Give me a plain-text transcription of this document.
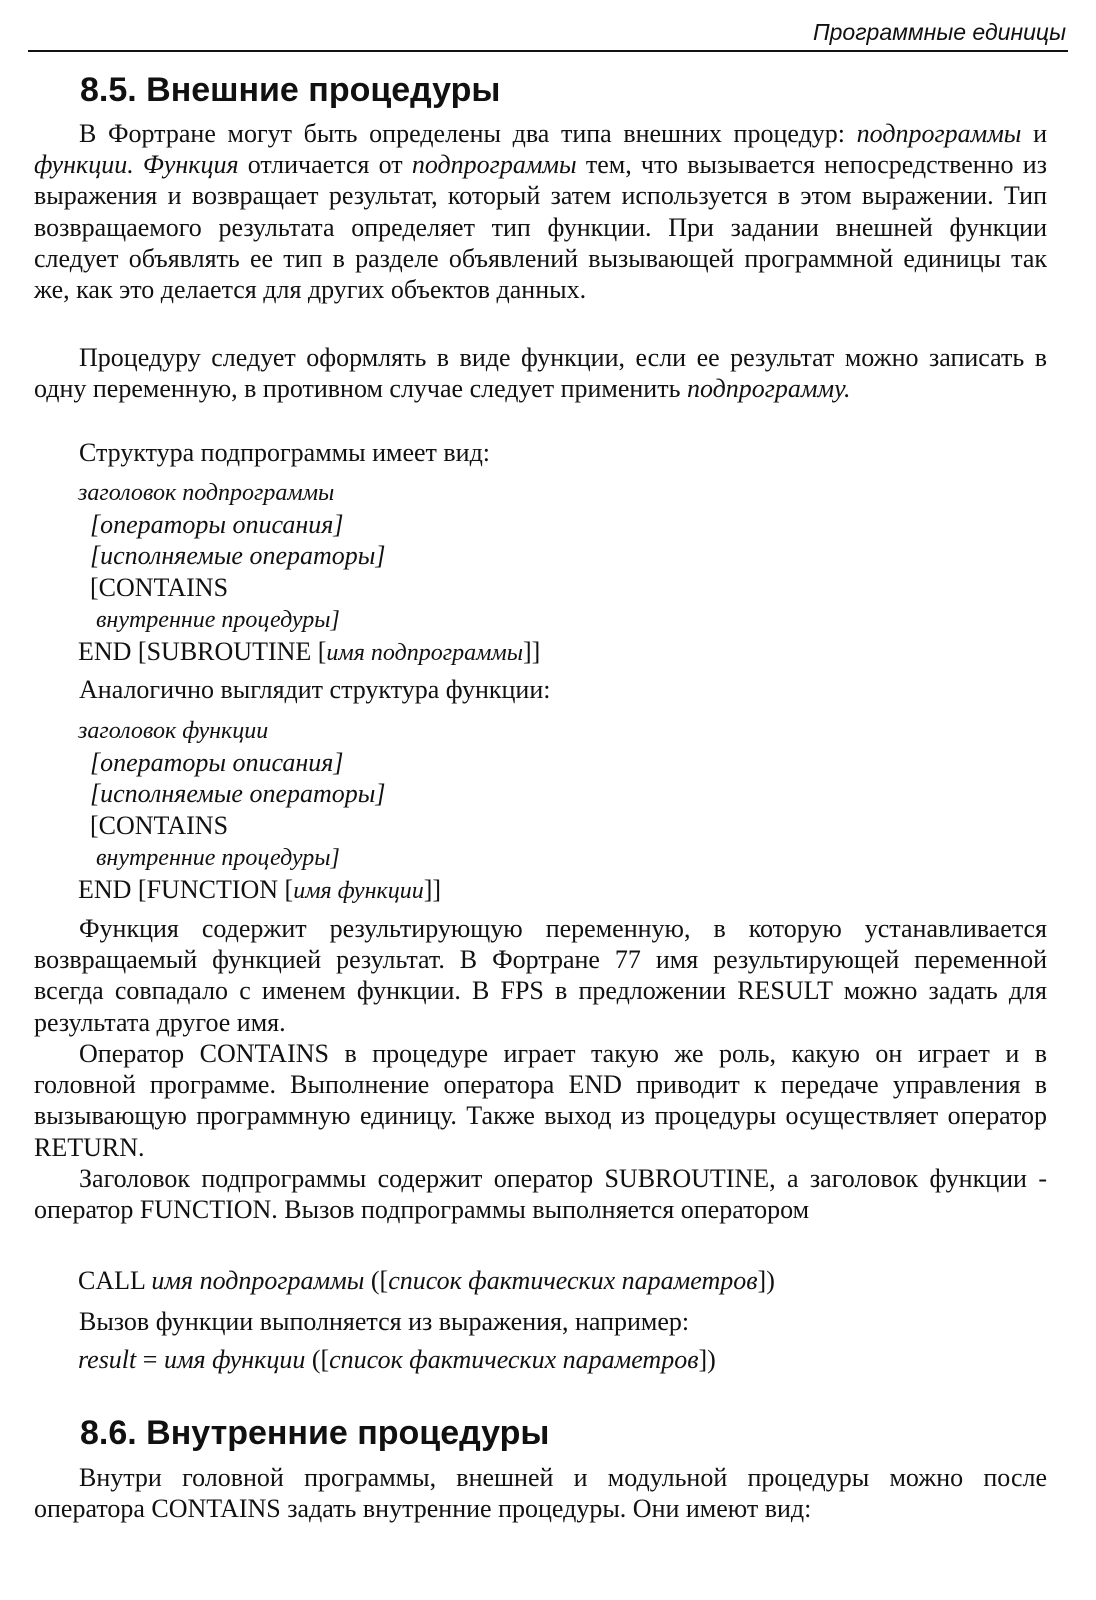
Программные единицы
8.5. Внешние процедуры

В Фортране могут быть определены два типа внешних процедур: подпрограммы и функции. Функция отличается от подпрограммы тем, что вызывается непосредственно из выражения и возвращает результат, который затем используется в этом выражении. Тип возвращаемого результата определяет тип функции. При задании внешней функции следует объявлять ее тип в разделе объявлений вызывающей программной единицы так же, как это делается для других объектов данных.

Процедуру следует оформлять в виде функции, если ее результат можно записать в одну переменную, в противном случае следует применить подпрограмму.

Структура подпрограммы имеет вид:

заголовок подпрограммы
[операторы описания]
[исполняемые операторы]
[CONTAINS
внутренние процедуры]
END [SUBROUTINE [имя подпрограммы]]

Аналогично выглядит структура функции:

заголовок функции
[операторы описания]
[исполняемые операторы]
[CONTAINS
внутренние процедуры]
END [FUNCTION [имя функции]]

Функция содержит результирующую переменную, в которую устанавливается возвращаемый функцией результат. В Фортране 77 имя результирующей переменной всегда совпадало с именем функции. В FPS в предложении RESULT можно задать для результата другое имя.

Оператор CONTAINS в процедуре играет такую же роль, какую он играет и в головной программе. Выполнение оператора END приводит к передаче управления в вызывающую программную единицу. Также выход из процедуры осуществляет оператор RETURN.

Заголовок подпрограммы содержит оператор SUBROUTINE, а заголовок функции - оператор FUNCTION. Вызов подпрограммы выполняется оператором

CALL имя подпрограммы ([список фактических параметров])

Вызов функции выполняется из выражения, например:

result = имя функции ([список фактических параметров])
8.6. Внутренние процедуры

Внутри головной программы, внешней и модульной процедуры можно после оператора CONTAINS задать внутренние процедуры. Они имеют вид:
